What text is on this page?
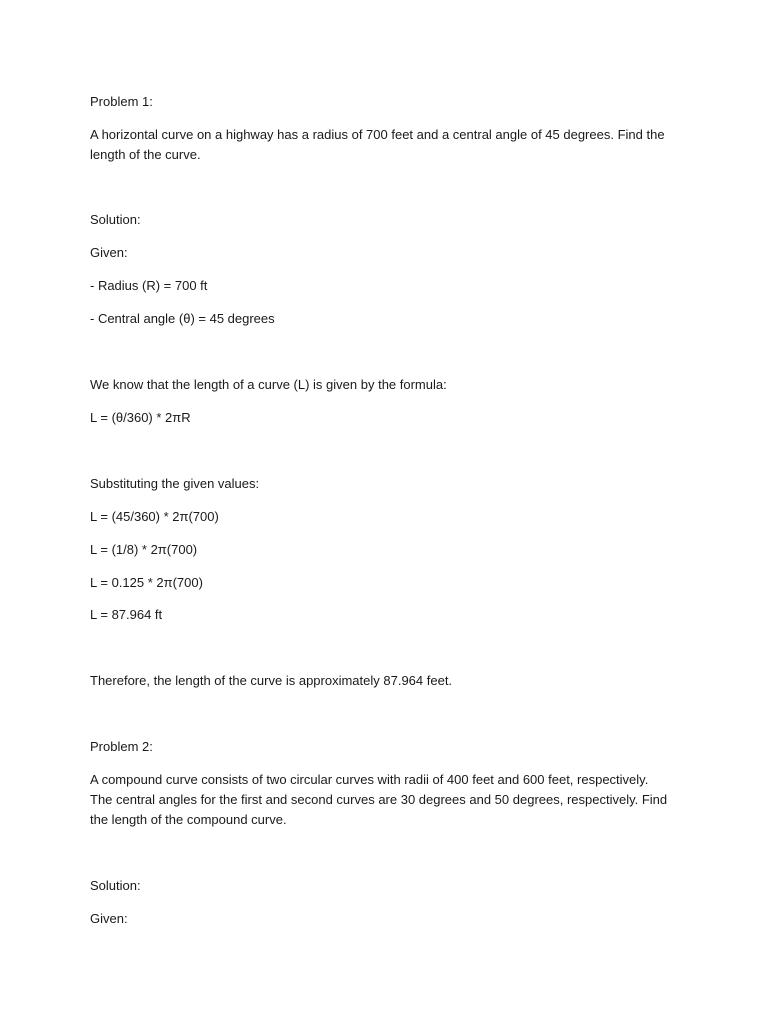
Problem 1:

A horizontal curve on a highway has a radius of 700 feet and a central angle of 45 degrees. Find the length of the curve.

Solution:

Given:

- Radius (R) = 700 ft

- Central angle (θ) = 45 degrees

We know that the length of a curve (L) is given by the formula:

L = (θ/360) * 2πR

Substituting the given values:

L = (45/360) * 2π(700)

L = (1/8) * 2π(700)

L = 0.125 * 2π(700)

L = 87.964 ft

Therefore, the length of the curve is approximately 87.964 feet.

Problem 2:

A compound curve consists of two circular curves with radii of 400 feet and 600 feet, respectively. The central angles for the first and second curves are 30 degrees and 50 degrees, respectively. Find the length of the compound curve.

Solution:

Given:
